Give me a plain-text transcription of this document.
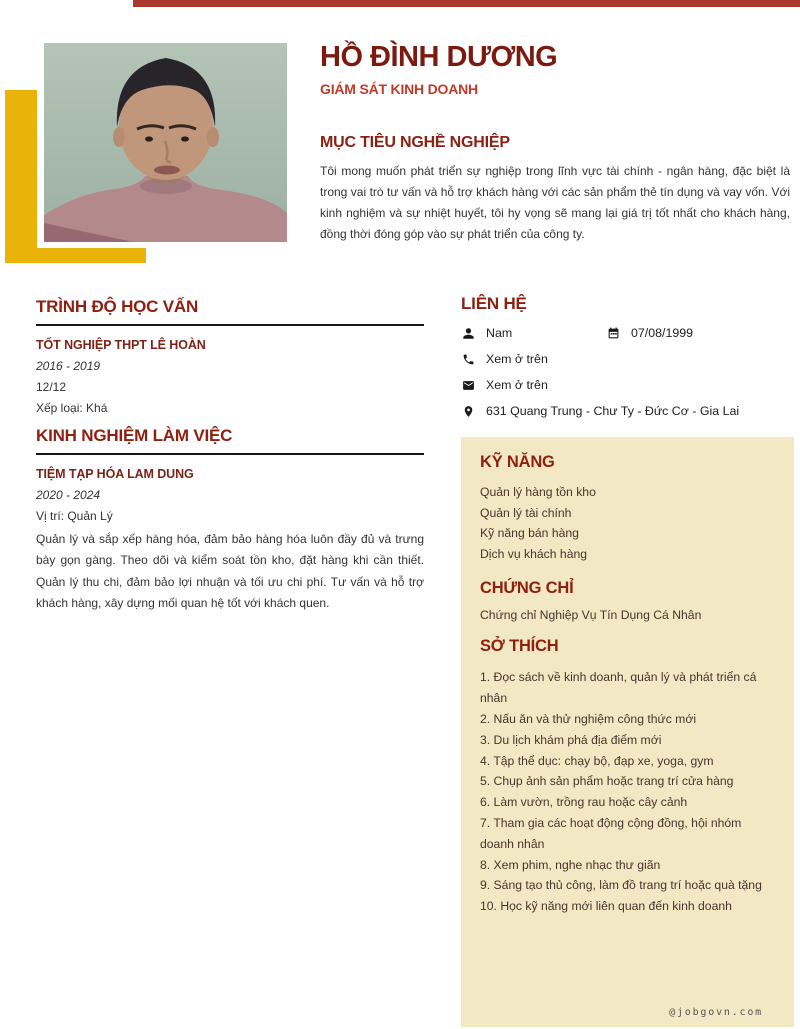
HỒ ĐÌNH DƯƠNG
GIÁM SÁT KINH DOANH
MỤC TIÊU NGHỀ NGHIỆP

Tôi mong muốn phát triển sự nghiệp trong lĩnh vực tài chính - ngân hàng, đặc biệt là trong vai trò tư vấn và hỗ trợ khách hàng với các sản phẩm thẻ tín dụng và vay vốn. Với kinh nghiệm và sự nhiệt huyết, tôi hy vọng sẽ mang lại giá trị tốt nhất cho khách hàng, đồng thời đóng góp vào sự phát triển của công ty.

TRÌNH ĐỘ HỌC VẤN
TỐT NGHIỆP THPT LÊ HOÀN
2016 - 2019
12/12
Xếp loại: Khá
KINH NGHIỆM LÀM VIỆC
TIỆM TẠP HÓA LAM DUNG
2020 - 2024
Vị trí: Quản Lý
Quản lý và sắp xếp hàng hóa, đảm bảo hàng hóa luôn đầy đủ và trưng bày gọn gàng. Theo dõi và kiểm soát tồn kho, đặt hàng khi cần thiết. Quản lý thu chi, đảm bảo lợi nhuận và tối ưu chi phí. Tư vấn và hỗ trợ khách hàng, xây dựng mối quan hệ tốt với khách quen.
LIÊN HỆ
Nam	07/08/1999
Xem ở trên
Xem ở trên
631 Quang Trung - Chư Ty - Đức Cơ - Gia Lai
KỸ NĂNG
Quản lý hàng tồn kho
Quản lý tài chính
Kỹ năng bán hàng
Dịch vụ khách hàng
CHỨNG CHỈ
Chứng chỉ Nghiệp Vụ Tín Dụng Cá Nhân
SỞ THÍCH
1. Đọc sách về kinh doanh, quản lý và phát triển cá nhân
2. Nấu ăn và thử nghiệm công thức mới
3. Du lịch khám phá địa điểm mới
4. Tập thể dục: chạy bộ, đạp xe, yoga, gym
5. Chụp ảnh sản phẩm hoặc trang trí cửa hàng
6. Làm vườn, trồng rau hoặc cây cảnh
7. Tham gia các hoạt động cộng đồng, hội nhóm doanh nhân
8. Xem phim, nghe nhạc thư giãn
9. Sáng tạo thủ công, làm đồ trang trí hoặc quà tặng
10. Học kỹ năng mới liên quan đến kinh doanh
@jobgovn.com
